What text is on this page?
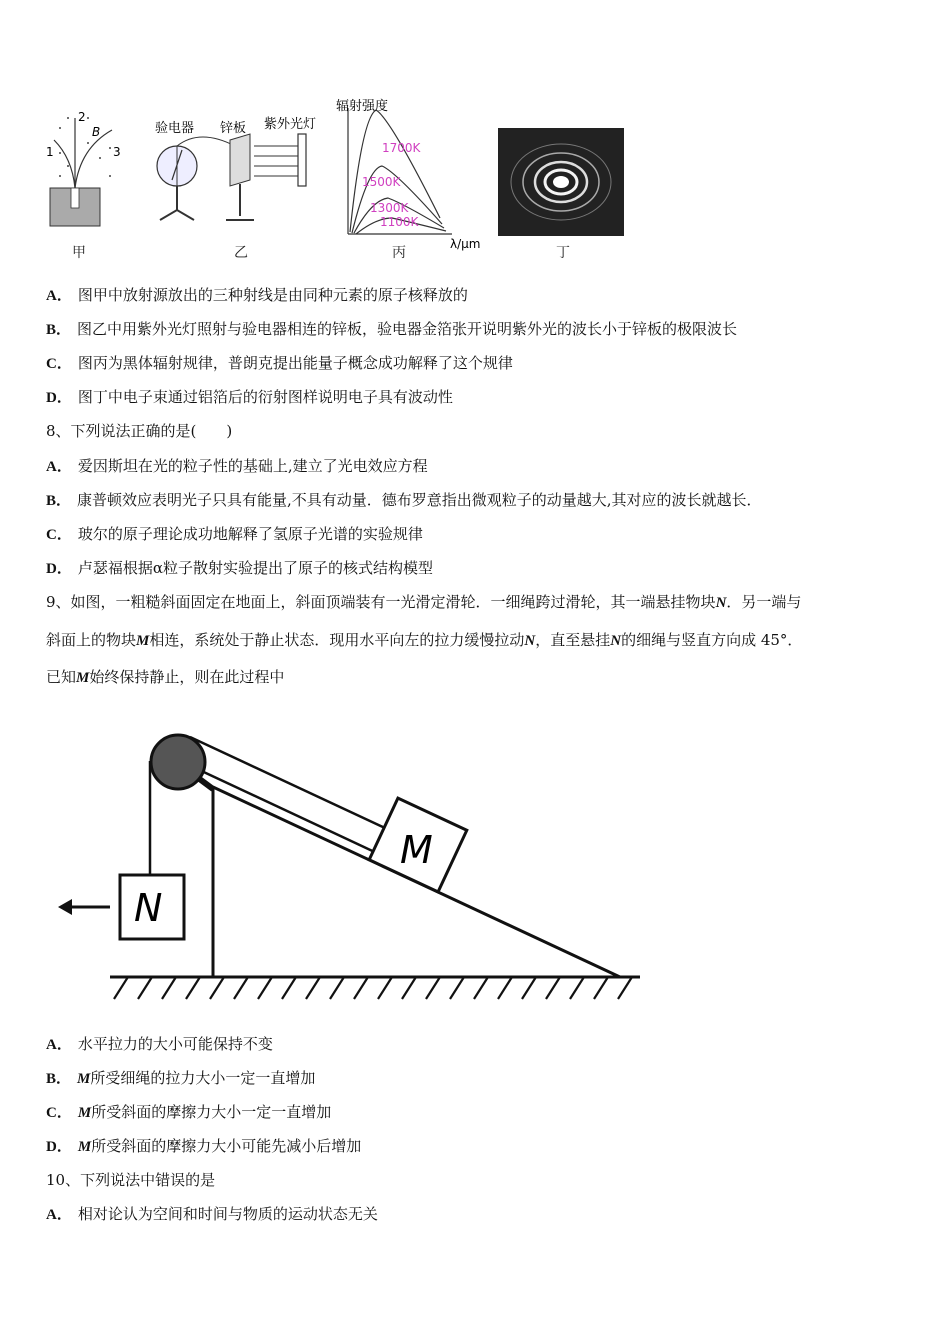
2
B
1	3
验电器 锌板 紫外光灯
辐射强度
λ/μm
1700K
1500K
1300K
1100K
甲	乙	丙	丁
A． 图甲中放射源放出的三种射线是由同种元素的原子核释放的
B． 图乙中用紫外光灯照射与验电器相连的锌板，验电器金箔张开说明紫外光的波长小于锌板的极限波长
C． 图丙为黑体辐射规律，普朗克提出能量子概念成功解释了这个规律
D． 图丁中电子束通过铝箔后的衍射图样说明电子具有波动性
8、下列说法正确的是(　　)
A． 爱因斯坦在光的粒子性的基础上,建立了光电效应方程
B． 康普顿效应表明光子只具有能量,不具有动量．德布罗意指出微观粒子的动量越大,其对应的波长就越长．
C． 玻尔的原子理论成功地解释了氢原子光谱的实验规律
D． 卢瑟福根据α粒子散射实验提出了原子的核式结构模型
9、如图，一粗糙斜面固定在地面上，斜面顶端装有一光滑定滑轮．一细绳跨过滑轮，其一端悬挂物块N．另一端与
斜面上的物块M相连，系统处于静止状态．现用水平向左的拉力缓慢拉动N，直至悬挂N的细绳与竖直方向成 45°．
已知M始终保持静止，则在此过程中
M
N
A． 水平拉力的大小可能保持不变
B． M所受细绳的拉力大小一定一直增加
C． M所受斜面的摩擦力大小一定一直增加
D． M所受斜面的摩擦力大小可能先减小后增加
10、下列说法中错误的是
A． 相对论认为空间和时间与物质的运动状态无关
